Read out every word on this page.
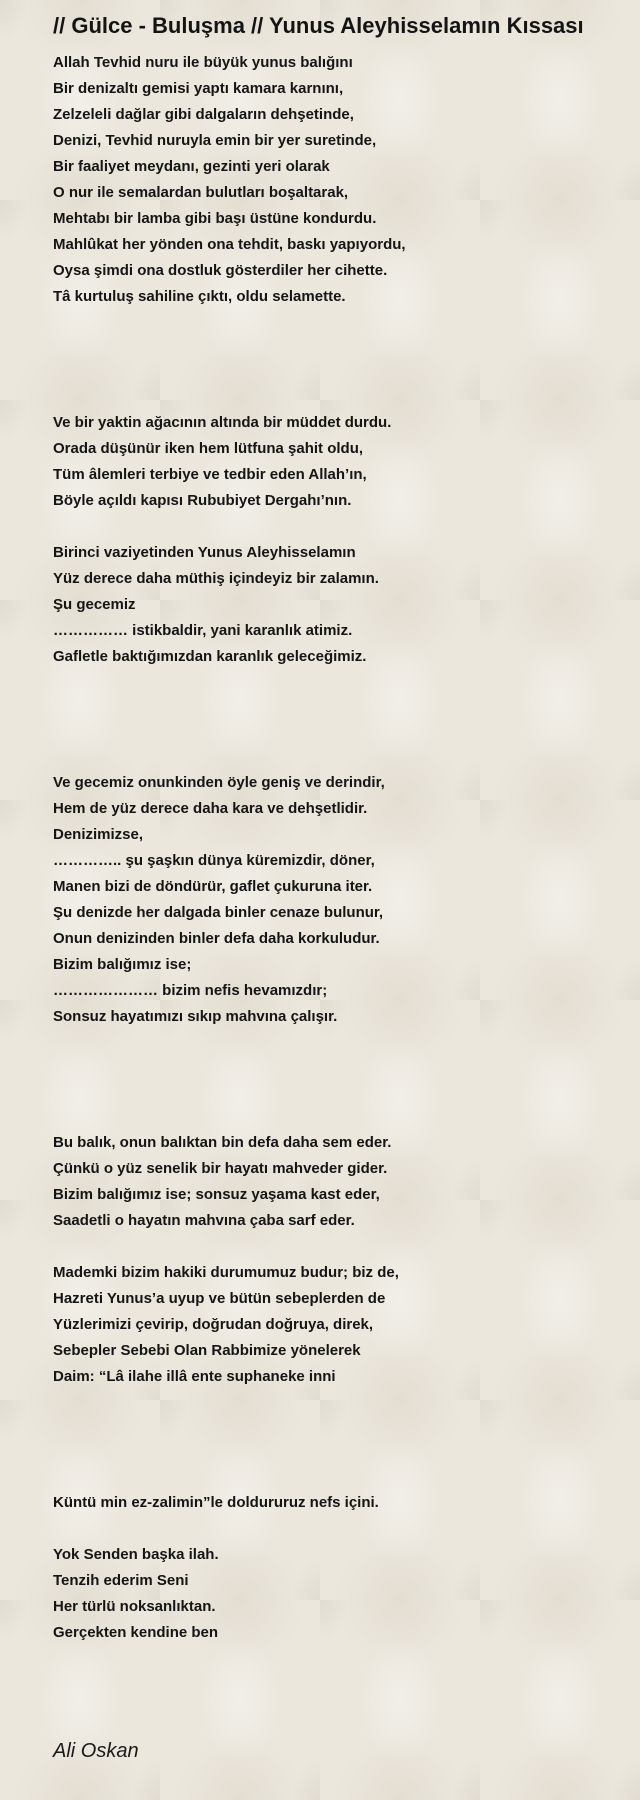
// Gülce - Buluşma // Yunus Aleyhisselamın Kıssası
Allah Tevhid nuru ile büyük yunus balığını
Bir denizaltı gemisi yaptı kamara karnını,
Zelzeleli dağlar gibi dalgaların dehşetinde,
Denizi, Tevhid nuruyla emin bir yer suretinde,
Bir faaliyet meydanı, gezinti yeri olarak
O nur ile semalardan bulutları boşaltarak,
Mehtabı bir lamba gibi başı üstüne kondurdu.
Mahlûkat her yönden ona tehdit, baskı yapıyordu,
Oysa şimdi ona dostluk gösterdiler her cihette.
Tâ kurtuluş sahiline çıktı, oldu selamette.
Ve bir yaktin ağacının altında bir müddet durdu.
Orada düşünür iken hem lütfuna şahit oldu,
Tüm âlemleri terbiye ve tedbir eden Allah’ın,
Böyle açıldı kapısı Rububiyet Dergahı’nın.
Birinci vaziyetinden Yunus Aleyhisselamın
Yüz derece daha müthiş içindeyiz bir zalamın.
Şu gecemiz
…………… istikbaldir, yani karanlık atimiz.
Gafletle baktığımızdan karanlık geleceğimiz.
Ve gecemiz onunkinden öyle geniş ve derindir,
Hem de yüz derece daha kara ve dehşetlidir.
Denizimizse,
………….. şu şaşkın dünya küremizdir, döner,
Manen bizi de döndürür, gaflet çukuruna iter.
Şu denizde her dalgada binler cenaze bulunur,
Onun denizinden binler defa daha korkuludur.
Bizim balığımız ise;
………………… bizim nefis hevamızdır;
Sonsuz hayatımızı sıkıp mahvına çalışır.
Bu balık, onun balıktan bin defa daha sem eder.
Çünkü o yüz senelik bir hayatı mahveder gider.
Bizim balığımız ise; sonsuz yaşama kast eder,
Saadetli o hayatın mahvına çaba sarf eder.
Mademki bizim hakiki durumumuz budur; biz de,
Hazreti Yunus’a uyup ve bütün sebeplerden de
Yüzlerimizi çevirip, doğrudan doğruya, direk,
Sebepler Sebebi Olan Rabbimize yönelerek
Daim: “Lâ ilahe illâ ente suphaneke inni
Küntü min ez-zalimin”le doldururuz nefs içini.
Yok Senden başka ilah.
Tenzih ederim Seni
Her türlü noksanlıktan.
Gerçekten kendine ben

Ali Oskan
